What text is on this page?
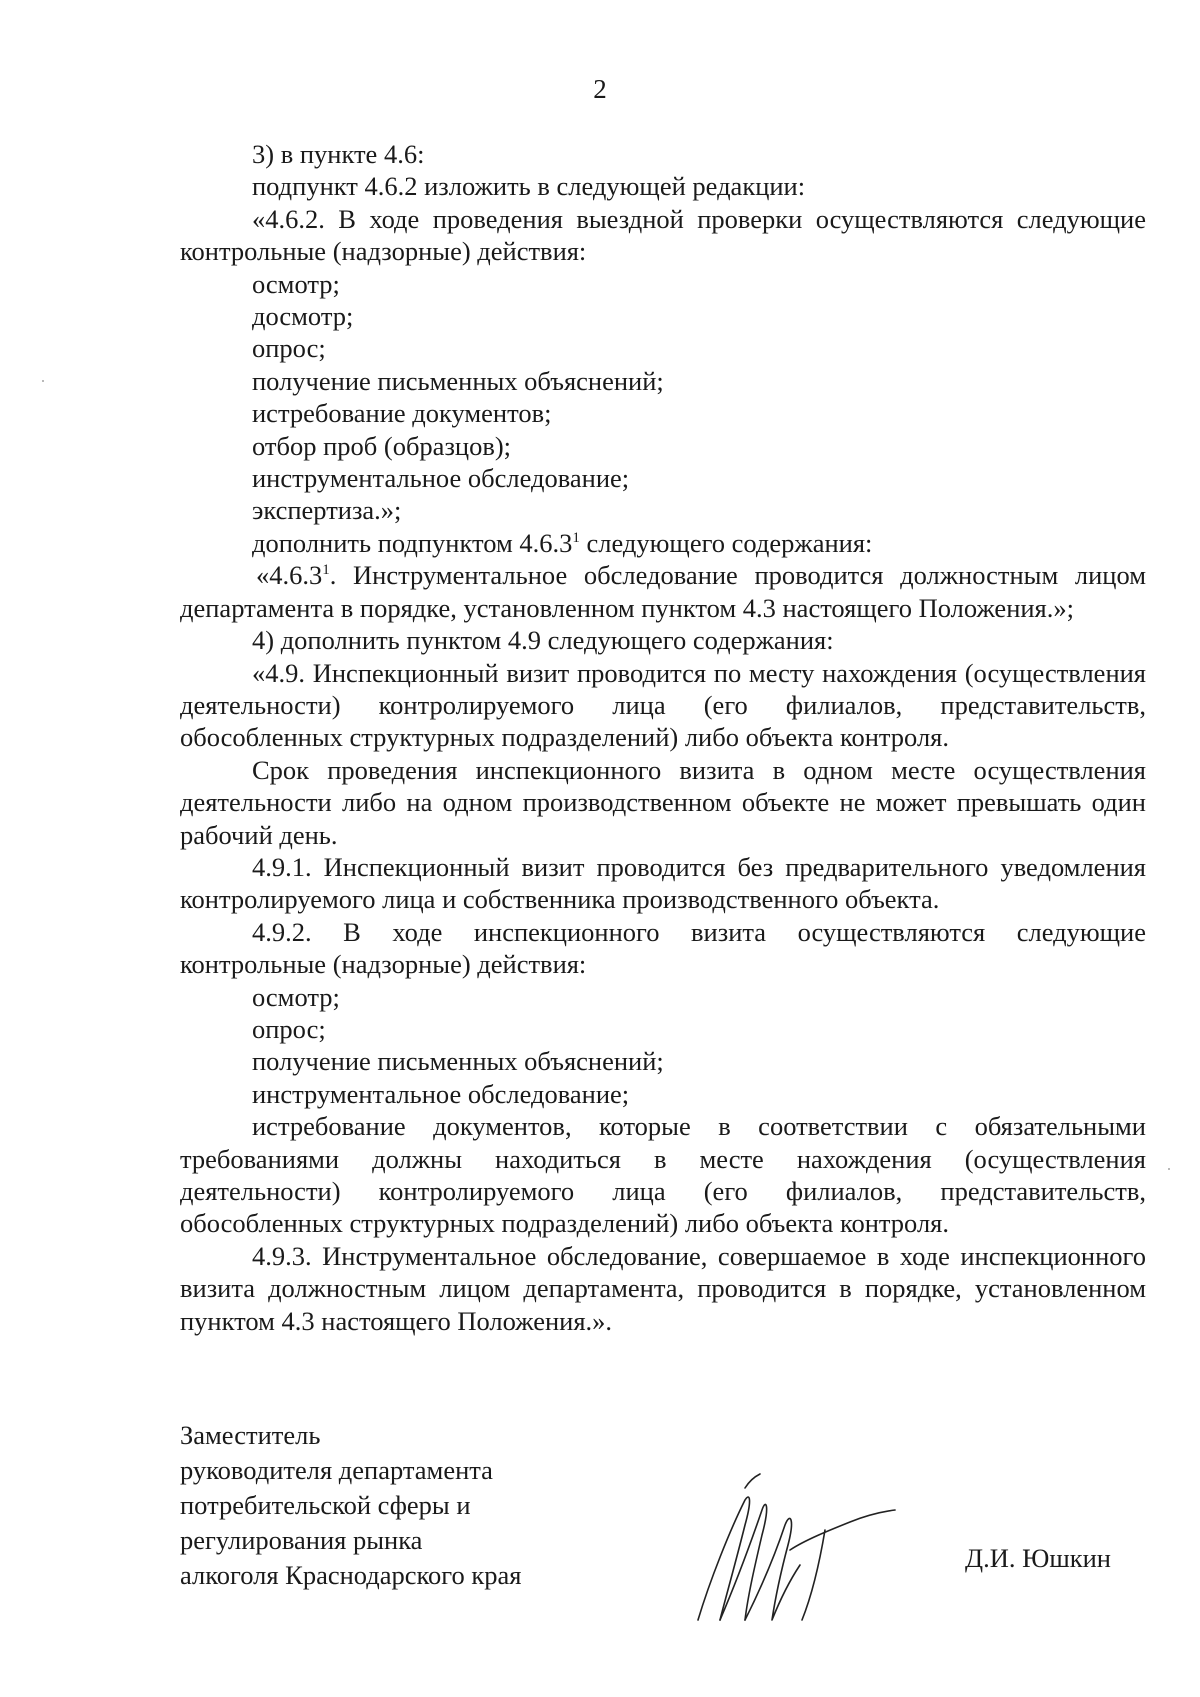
2

3) в пункте 4.6:

подпункт 4.6.2 изложить в следующей редакции:

«4.6.2. В ходе проведения выездной проверки осуществляются следующие контрольные (надзорные) действия:

осмотр;

досмотр;

опрос;

получение письменных объяснений;

истребование документов;

отбор проб (образцов);

инструментальное обследование;

экспертиза.»;

дополнить подпунктом 4.6.3$^1$ следующего содержания:

«4.6.3$^1$. Инструментальное обследование проводится должностным лицом департамента в порядке, установленном пунктом 4.3 настоящего Положения.»;

4) дополнить пунктом 4.9 следующего содержания:

«4.9. Инспекционный визит проводится по месту нахождения (осуществления деятельности) контролируемого лица (его филиалов, представительств, обособленных структурных подразделений) либо объекта контроля.

Срок проведения инспекционного визита в одном месте осуществления деятельности либо на одном производственном объекте не может превышать один рабочий день.

4.9.1. Инспекционный визит проводится без предварительного уведомления контролируемого лица и собственника производственного объекта.

4.9.2. В ходе инспекционного визита осуществляются следующие контрольные (надзорные) действия:

осмотр;

опрос;

получение письменных объяснений;

инструментальное обследование;

истребование документов, которые в соответствии с обязательными требованиями должны находиться в месте нахождения (осуществления деятельности) контролируемого лица (его филиалов, представительств, обособленных структурных подразделений) либо объекта контроля.

4.9.3. Инструментальное обследование, совершаемое в ходе инспекционного визита должностным лицом департамента, проводится в порядке, установленном пунктом 4.3 настоящего Положения.».

Заместитель
руководителя департамента
потребительской сферы и
регулирования рынка
алкоголя Краснодарского края
Д.И. Юшкин
